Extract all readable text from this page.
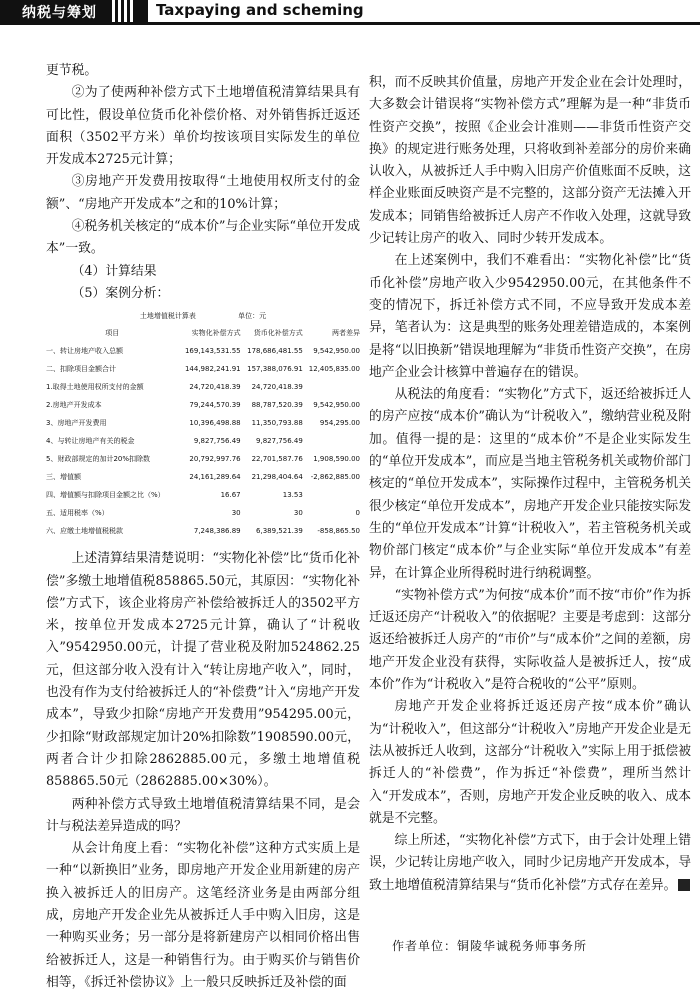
纳税与筹划	Taxpaying and scheming

更节税。

②为了使两种补偿方式下土地增值税清算结果具有可比性，假设单位货币化补偿价格、对外销售拆迁返还面积（3502平方米）单价均按该项目实际发生的单位开发成本2725元计算；

③房地产开发费用按取得“土地使用权所支付的金额”、“房地产开发成本”之和的10%计算；

④税务机关核定的“成本价”与企业实际“单位开发成本”一致。

（4）计算结果

（5）案例分析：

土地增值税计算表	单位：元
项目	实物化补偿方式	货币化补偿方式	两者差异
一、转让房地产收入总额	169,143,531.55	178,686,481.55	9,542,950.00
二、扣除项目金额合计	144,982,241.91	157,388,076.91	12,405,835.00
1.取得土地使用权所支付的金额	24,720,418.39	24,720,418.39	
2.房地产开发成本	79,244,570.39	88,787,520.39	9,542,950.00
3、房地产开发费用	10,396,498.88	11,350,793.88	954,295.00
4、与转让房地产有关的税金	9,827,756.49	9,827,756.49	
5、财政部规定的加计20%扣除数	20,792,997.76	22,701,587.76	1,908,590.00
三、增值额	24,161,289.64	21,298,404.64	-2,862,885.00
四、增值额与扣除项目金额之比（%）	16.67	13.53	
五、适用税率（%）	30	30	0
六、应缴土地增值税税款	7,248,386.89	6,389,521.39	-858,865.50

上述清算结果清楚说明：“实物化补偿”比“货币化补偿”多缴土地增值税858865.50元，其原因：“实物化补偿”方式下，该企业将房产补偿给被拆迁人的3502平方米，按单位开发成本2725元计算，确认了“计税收入”9542950.00元，计提了营业税及附加524862.25元，但这部分收入没有计入“转让房地产收入”，同时，也没有作为支付给被拆迁人的“补偿费”计入“房地产开发成本”，导致少扣除“房地产开发费用”954295.00元，少扣除“财政部规定加计20%扣除数”1908590.00元，两者合计少扣除2862885.00元，多缴土地增值税858865.50元（2862885.00×30%）。

两种补偿方式导致土地增值税清算结果不同，是会计与税法差异造成的吗？

从会计角度上看：“实物化补偿”这种方式实质上是一种“以新换旧”业务，即房地产开发企业用新建的房产换入被拆迁人的旧房产。这笔经济业务是由两部分组成，房地产开发企业先从被拆迁人手中购入旧房，这是一种购买业务；另一部分是将新建房产以相同价格出售给被拆迁人，这是一种销售行为。由于购买价与销售价相等，《拆迁补偿协议》上一般只反映拆迁及补偿的面

积，而不反映其价值量，房地产开发企业在会计处理时，大多数会计错误将“实物补偿方式”理解为是一种“非货币性资产交换”，按照《企业会计准则——非货币性资产交换》的规定进行账务处理，只将收到补差部分的房价来确认收入，从被拆迁人手中购入旧房产价值账面不反映，这样企业账面反映资产是不完整的，这部分资产无法摊入开发成本；同销售给被拆迁人房产不作收入处理，这就导致少记转让房产的收入、同时少转开发成本。

在上述案例中，我们不难看出：“实物化补偿”比“货币化补偿”房地产收入少9542950.00元，在其他条件不变的情况下，拆迁补偿方式不同，不应导致开发成本差异，笔者认为：这是典型的账务处理差错造成的，本案例是将“以旧换新”错误地理解为“非货币性资产交换”，在房地产企业会计核算中普遍存在的错误。

从税法的角度看：“实物化”方式下，返还给被拆迁人的房产应按“成本价”确认为“计税收入”，缴纳营业税及附加。值得一提的是：这里的“成本价”不是企业实际发生的“单位开发成本”，而应是当地主管税务机关或物价部门核定的“单位开发成本”，实际操作过程中，主管税务机关很少核定“单位开发成本”，房地产开发企业只能按实际发生的“单位开发成本”计算“计税收入”，若主管税务机关或物价部门核定“成本价”与企业实际“单位开发成本”有差异，在计算企业所得税时进行纳税调整。

“实物补偿方式”为何按“成本价”而不按“市价”作为拆迁返还房产“计税收入”的依据呢？主要是考虑到：这部分返还给被拆迁人房产的“市价”与“成本价”之间的差额，房地产开发企业没有获得，实际收益人是被拆迁人，按“成本价”作为“计税收入”是符合税收的“公平”原则。

房地产开发企业将拆迁返还房产按“成本价”确认为“计税收入”，但这部分“计税收入”房地产开发企业是无法从被拆迁人收到，这部分“计税收入”实际上用于抵偿被拆迁人的“补偿费”，作为拆迁“补偿费”，理所当然计入“开发成本”，否则，房地产开发企业反映的收入、成本就是不完整。

综上所述，“实物化补偿”方式下，由于会计处理上错误，少记转让房地产收入，同时少记房地产开发成本，导致土地增值税清算结果与“货币化补偿”方式存在差异。

作者单位：铜陵华诚税务师事务所
